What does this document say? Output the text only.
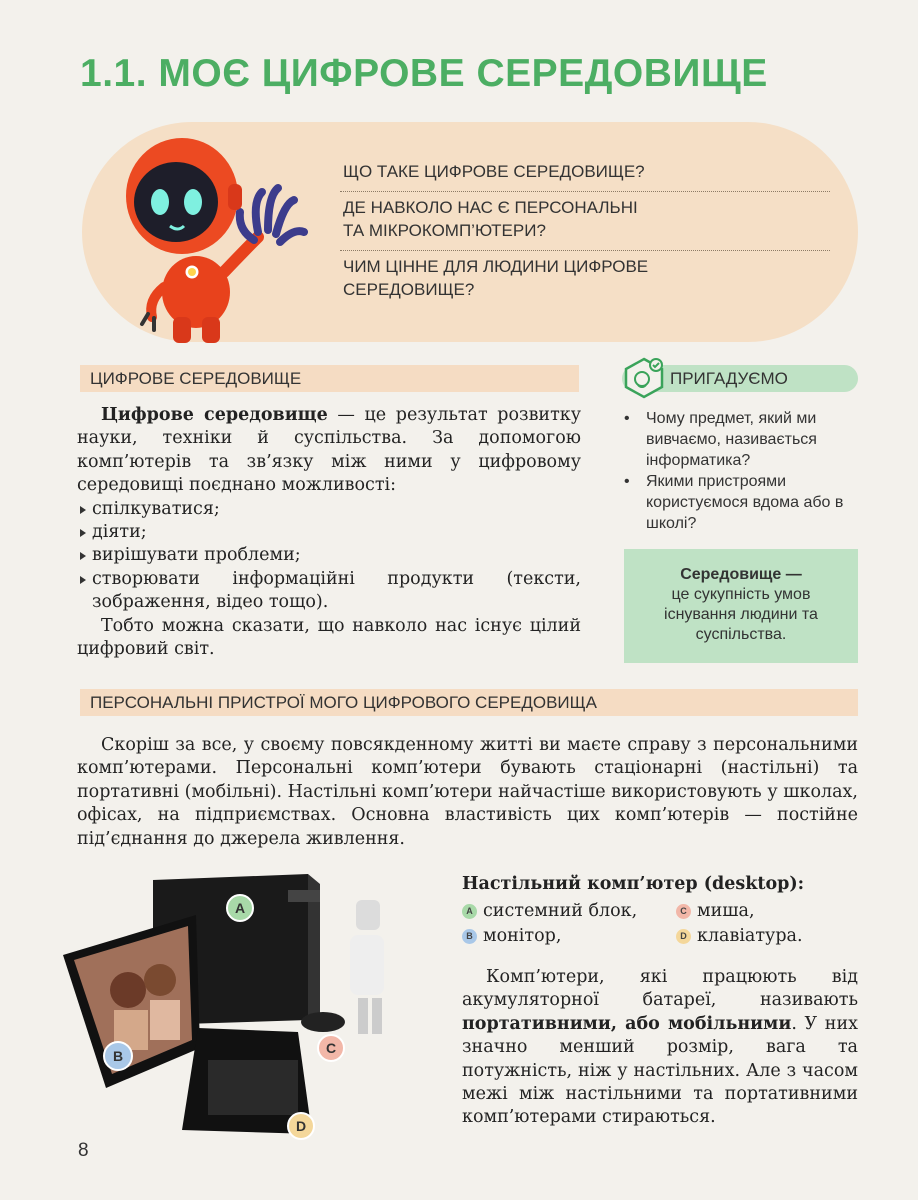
1.1. МОЄ ЦИФРОВЕ СЕРЕДОВИЩЕ
ЩО ТАКЕ ЦИФРОВЕ СЕРЕДОВИЩЕ?
ДЕ НАВКОЛО НАС Є ПЕРСОНАЛЬНІ
ТА МІКРОКОМП’ЮТЕРИ?
ЧИМ ЦІННЕ ДЛЯ ЛЮДИНИ ЦИФРОВЕ
СЕРЕДОВИЩЕ?
ЦИФРОВЕ СЕРЕДОВИЩЕ

Цифрове середовище — це результат розвитку науки, техніки й суспільства. За допомогою комп’ютерів та зв’язку між ними у цифровому середовищі поєднано можливості:

спілкуватися;
діяти;
вирішувати проблеми;
створювати інформаційні продукти (тексти, зображення, відео тощо).

Тобто можна сказати, що навколо нас існує цілий цифровий світ.

ПРИГАДУЄМО
• Чому предмет, який ми вивчаємо, називається інформатика?
• Якими пристроями користуємося вдома або в школі?
Середовище —
це сукупність умов існування людини та суспільства.
ПЕРСОНАЛЬНІ ПРИСТРОЇ МОГО ЦИФРОВОГО СЕРЕДОВИЩА
Скоріш за все, у своєму повсякденному житті ви маєте справу з персональними комп’ютерами. Персональні комп’ютери бувають стаціонарні (настільні) та портативні (мобільні). Настільні комп’ютери найчастіше використовують у школах, офісах, на підприємствах. Основна властивість цих комп’ютерів — постійне під’єднання до джерела живлення.
A
B	C
D
Настільний комп’ютер (desktop):
A системний блок,	C миша,
B монітор,	D клавіатура.
Комп’ютери, які працюють від акумуляторної батареї, називають портативними, або мобільними. У них значно менший розмір, вага та потужність, ніж у настільних. Але з часом межі між настільними та портативними комп’ютерами стираються.
8
